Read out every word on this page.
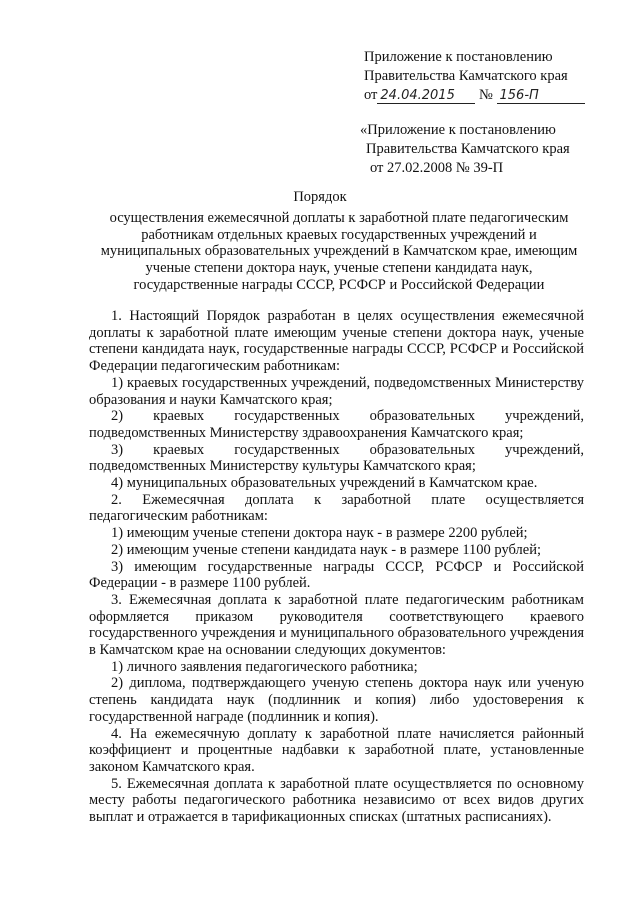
Приложение к постановлению
Правительства Камчатского края
от 24.04.2015 № 156-П
«Приложение к постановлению
Правительства Камчатского края
от 27.02.2008 № 39-П
Порядок
осуществления ежемесячной доплаты к заработной плате педагогическим работникам отдельных краевых государственных учреждений и муниципальных образовательных учреждений в Камчатском крае, имеющим ученые степени доктора наук, ученые степени кандидата наук, государственные награды СССР, РСФСР и Российской Федерации

1. Настоящий Порядок разработан в целях осуществления ежемесячной доплаты к заработной плате имеющим ученые степени доктора наук, ученые степени кандидата наук, государственные награды СССР, РСФСР и Российской Федерации педагогическим работникам:

1) краевых государственных учреждений, подведомственных Министерству образования и науки Камчатского края;

2) краевых государственных образовательных учреждений, подведомственных Министерству здравоохранения Камчатского края;

3) краевых государственных образовательных учреждений, подведомственных Министерству культуры Камчатского края;

4) муниципальных образовательных учреждений в Камчатском крае.

2. Ежемесячная доплата к заработной плате осуществляется педагогическим работникам:

1) имеющим ученые степени доктора наук - в размере 2200 рублей;

2) имеющим ученые степени кандидата наук - в размере 1100 рублей;

3) имеющим государственные награды СССР, РСФСР и Российской Федерации - в размере 1100 рублей.

3. Ежемесячная доплата к заработной плате педагогическим работникам оформляется приказом руководителя соответствующего краевого государственного учреждения и муниципального образовательного учреждения в Камчатском крае на основании следующих документов:

1) личного заявления педагогического работника;

2) диплома, подтверждающего ученую степень доктора наук или ученую степень кандидата наук (подлинник и копия) либо удостоверения к государственной награде (подлинник и копия).

4. На ежемесячную доплату к заработной плате начисляется районный коэффициент и процентные надбавки к заработной плате, установленные законом Камчатского края.

5. Ежемесячная доплата к заработной плате осуществляется по основному месту работы педагогического работника независимо от всех видов других выплат и отражается в тарификационных списках (штатных расписаниях).
